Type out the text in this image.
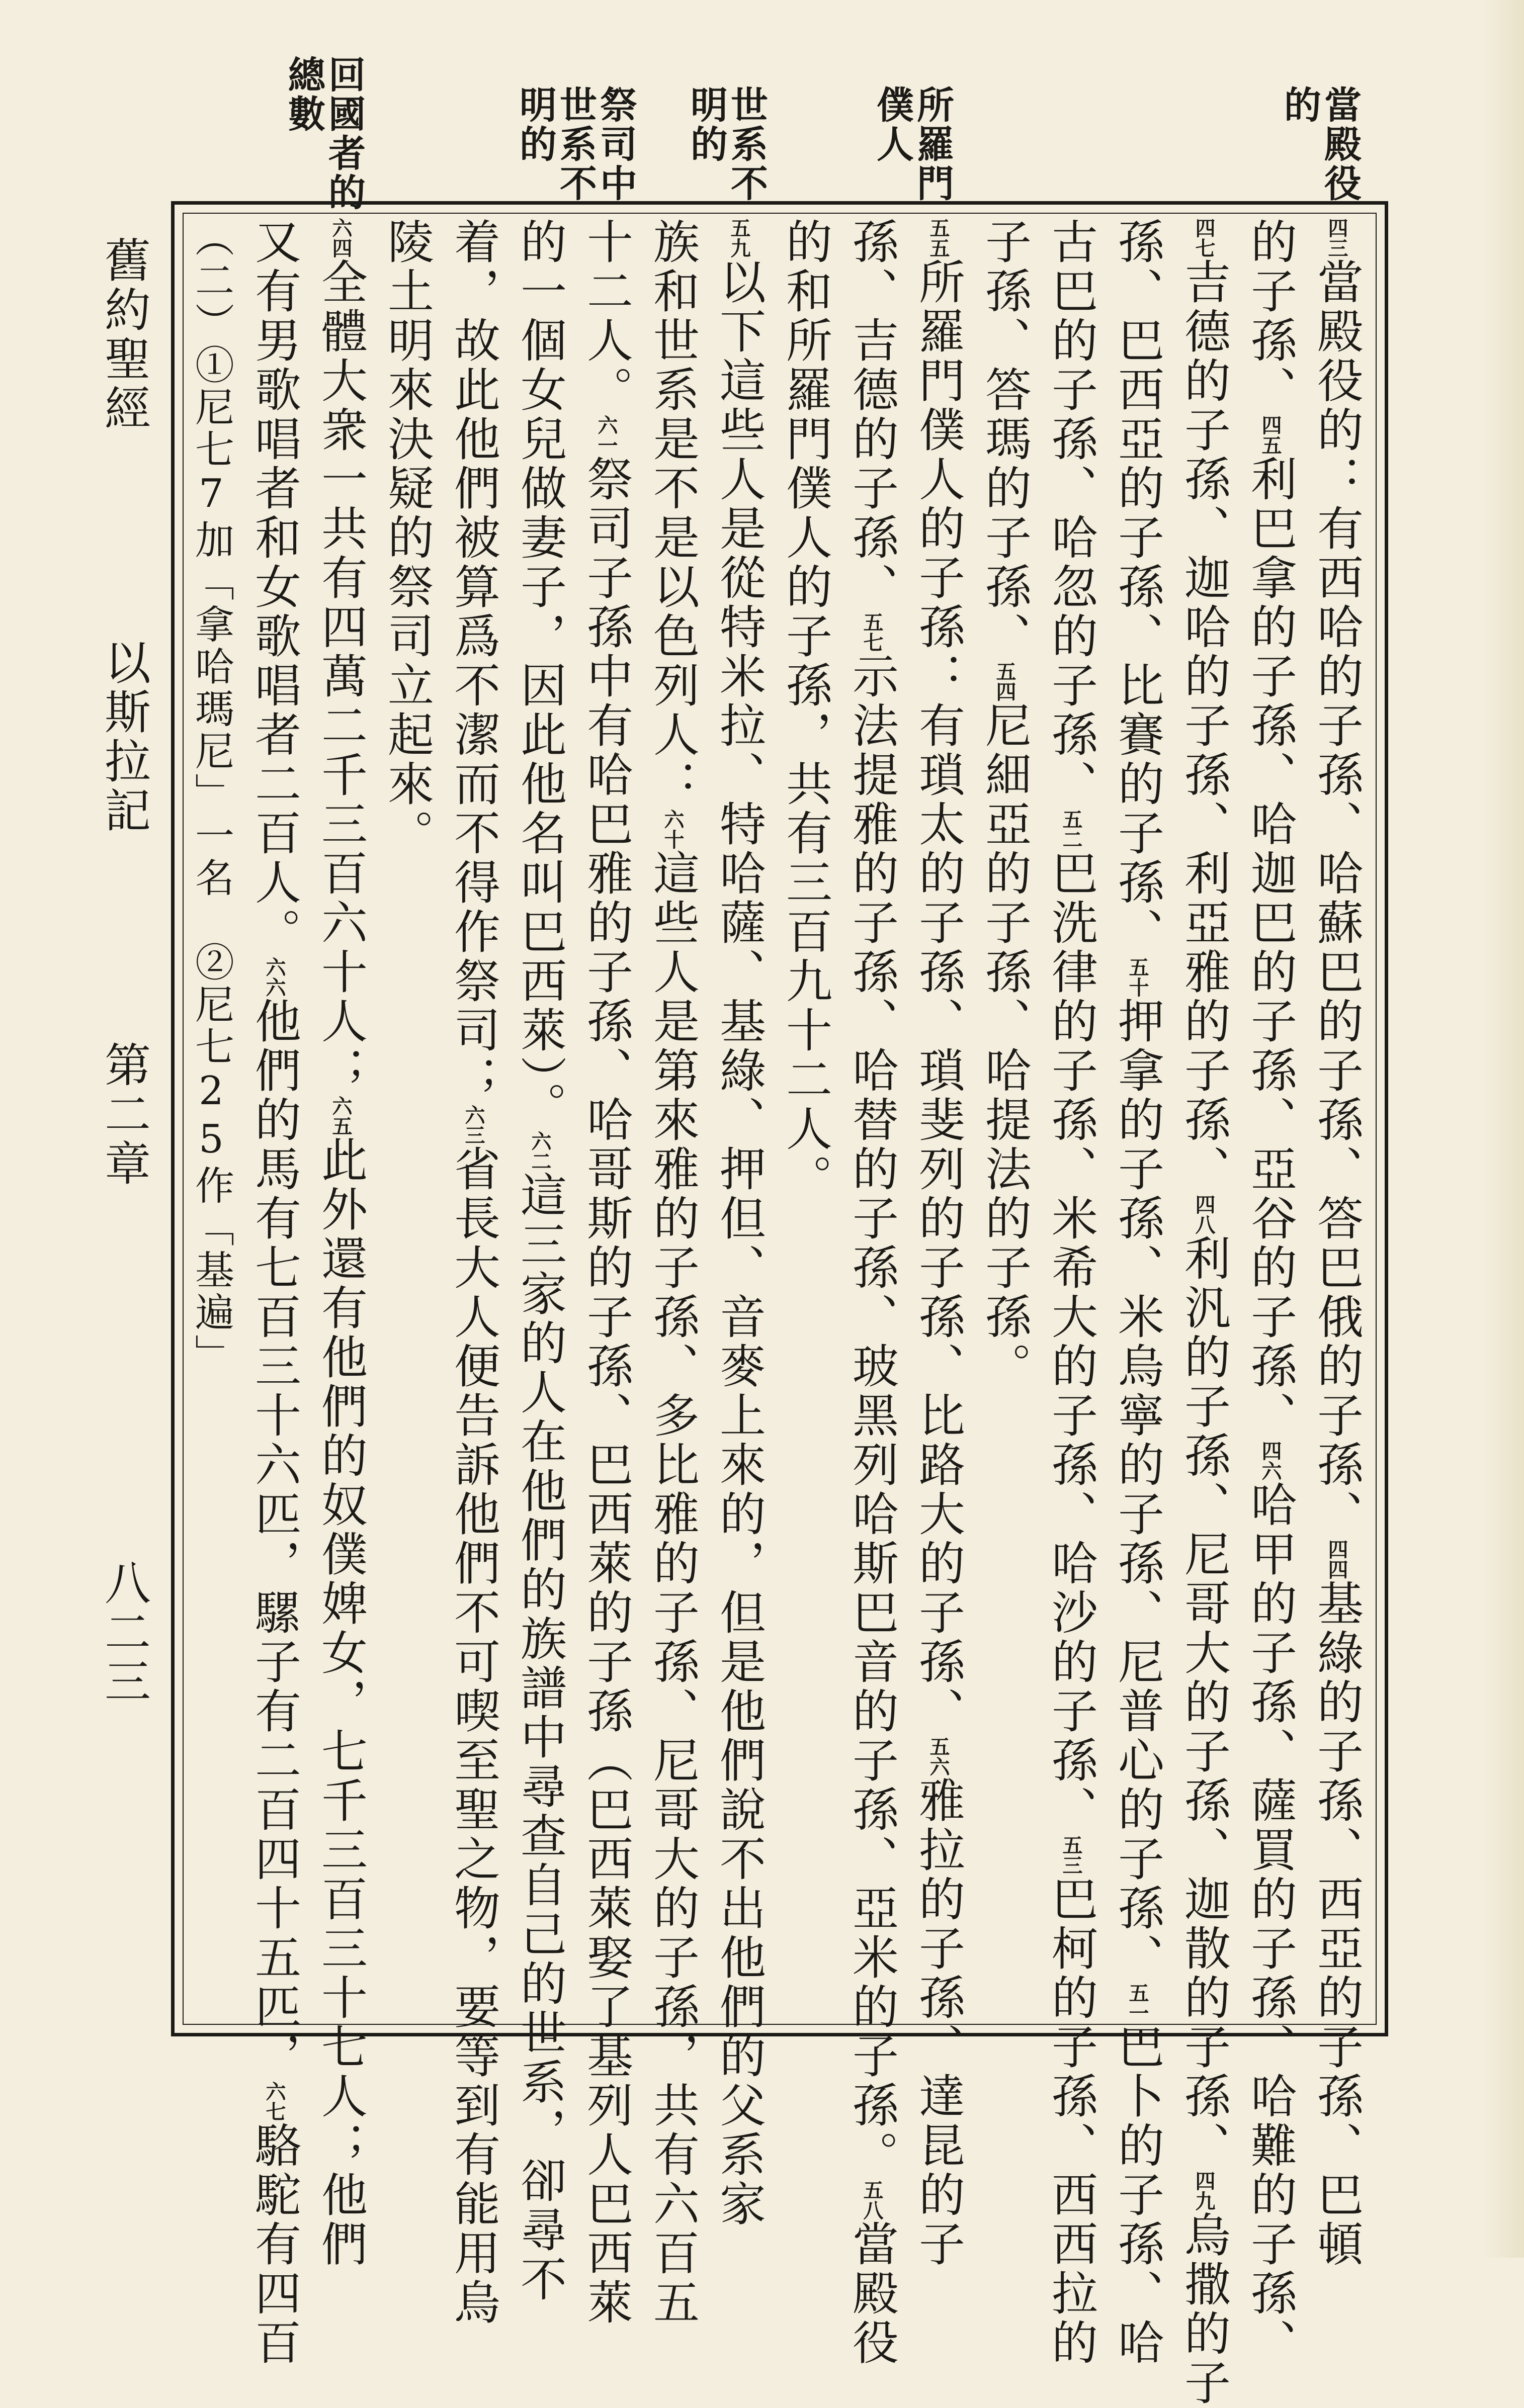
當殿役
的
所羅門
僕人
世系不
明的
祭司中
世系不
明的
回國者的
總數
舊約聖經
以斯拉記
第二章
八二三
$^{四三}$當殿役的：有西哈的子孫、哈蘇巴的子孫、答巴俄的子孫、$^{四四}$基綠的子孫、西亞的子孫、巴頓
的子孫、$^{四五}$利巴拿的子孫、哈迦巴的子孫、亞谷的子孫、$^{四六}$哈甲的子孫、薩買的子孫、哈難的子孫、
$^{四七}$吉德的子孫、迦哈的子孫、利亞雅的子孫、$^{四八}$利汎的子孫、尼哥大的子孫、迦散的子孫、$^{四九}$烏撒的子
孫、巴西亞的子孫、比賽的子孫、$^{五十}$押拿的子孫、米烏寧的子孫、尼普心的子孫、$^{五一}$巴卜的子孫、哈
古巴的子孫、哈忽的子孫、$^{五二}$巴洗律的子孫、米希大的子孫、哈沙的子孫、$^{五三}$巴柯的子孫、西西拉的
子孫、答瑪的子孫、$^{五四}$尼細亞的子孫、哈提法的子孫。
$^{五五}$所羅門僕人的子孫：有瑣太的子孫、瑣斐列的子孫、比路大的子孫、$^{五六}$雅拉的子孫、達昆的子
孫、吉德的子孫、$^{五七}$示法提雅的子孫、哈替的子孫、玻黑列哈斯巴音的子孫、亞米的子孫。$^{五八}$當殿役
的和所羅門僕人的子孫，共有三百九十二人。
$^{五九}$以下這些人是從特米拉、特哈薩、基綠、押但、音麥上來的，但是他們說不出他們的父系家
族和世系是不是以色列人：$^{六十}$這些人是第來雅的子孫、多比雅的子孫、尼哥大的子孫，共有六百五
十二人。$^{六一}$祭司子孫中有哈巴雅的子孫、哈哥斯的子孫、巴西萊的子孫（巴西萊娶了基列人巴西萊
的一個女兒做妻子，因此他名叫巴西萊）。$^{六二}$這三家的人在他們的族譜中尋查自己的世系，卻尋不
着，故此他們被算爲不潔而不得作祭司；$^{六三}$省長大人便告訴他們不可喫至聖之物，要等到有能用烏
陵土明來決疑的祭司立起來。
$^{六四}$全體大衆一共有四萬二千三百六十人；$^{六五}$此外還有他們的奴僕婢女，七千三百三十七人；他們
又有男歌唱者和女歌唱者二百人。$^{六六}$他們的馬有七百三十六匹，騾子有二百四十五匹，$^{六七}$駱駝有四百
（二）①尼七7加「拿哈瑪尼」一名　②尼七25作「基遍」
